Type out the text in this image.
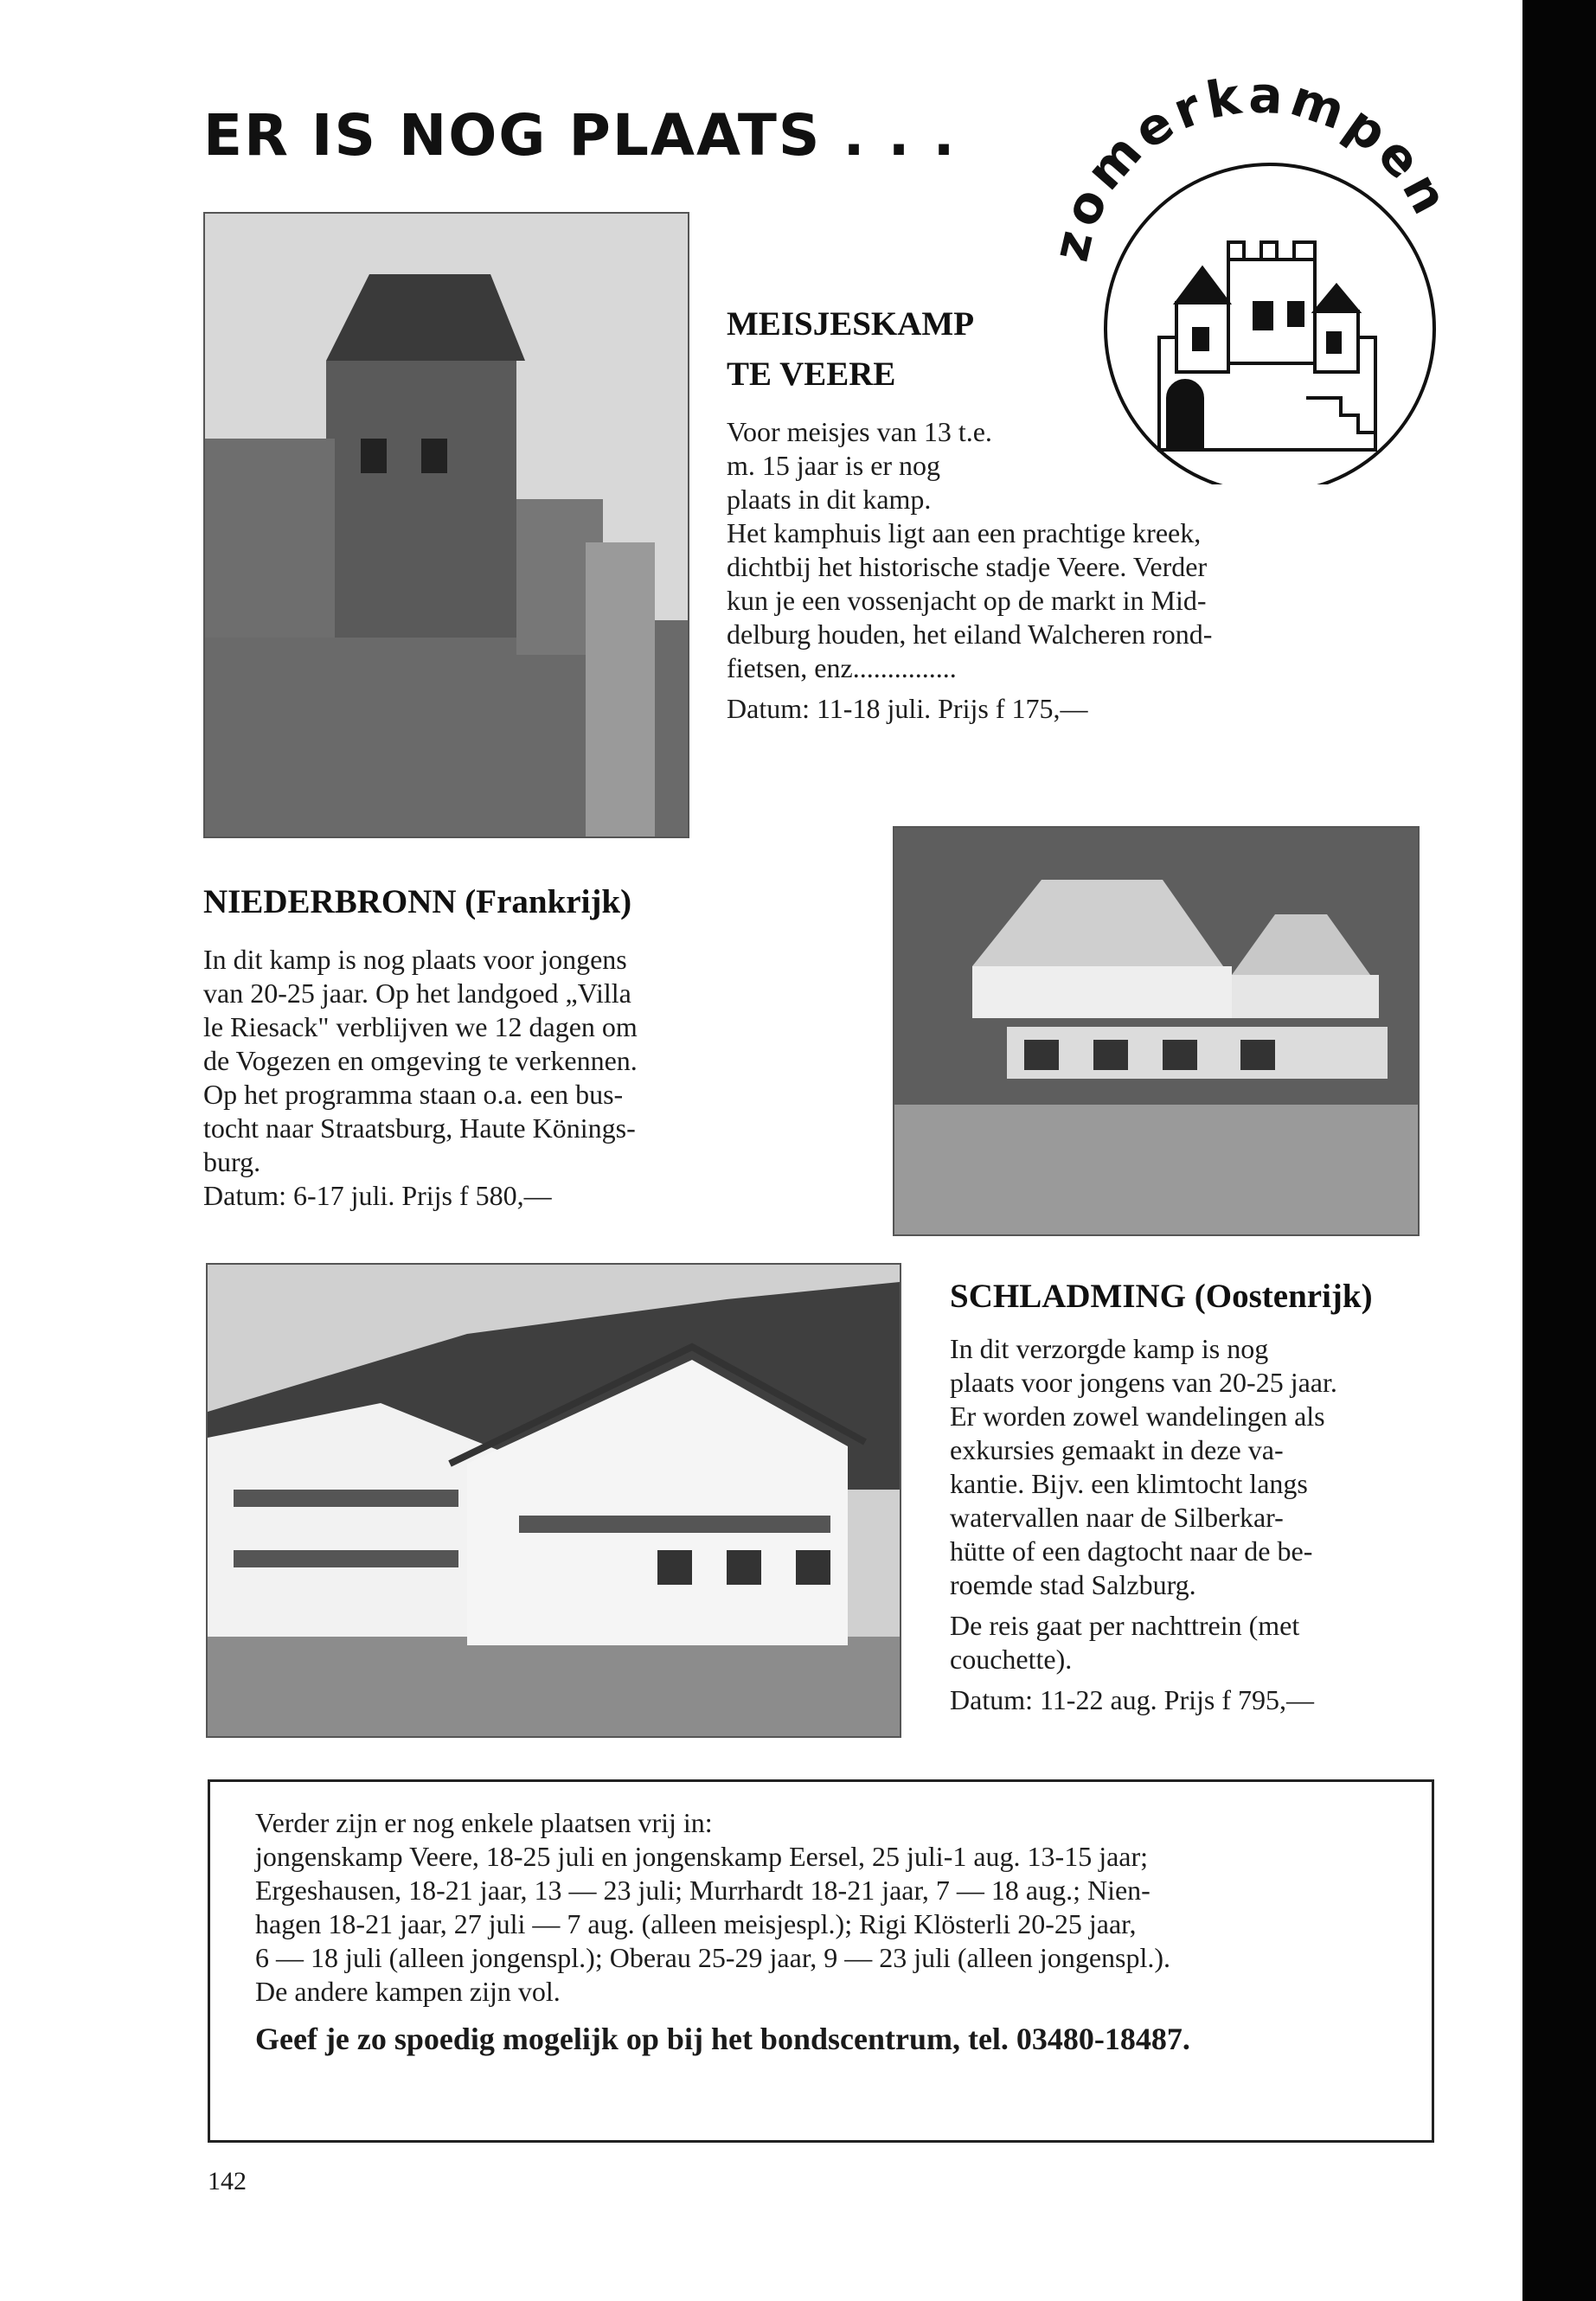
ER IS NOG PLAATS . . .
zomerkampen
MEISJESKAMP
TE VEERE

Voor meisjes van 13 t.e.

m. 15 jaar is er nog

plaats in dit kamp.

Het kamphuis ligt aan een prachtige kreek,

dichtbij het historische stadje Veere. Verder

kun je een vossenjacht op de markt in Mid-

delburg houden, het eiland Walcheren rond-

fietsen, enz...............

Datum: 11-18 juli. Prijs f 175,—

NIEDERBRONN (Frankrijk)

In dit kamp is nog plaats voor jongens

van 20-25 jaar. Op het landgoed „Villa

le Riesack" verblijven we 12 dagen om

de Vogezen en omgeving te verkennen.

Op het programma staan o.a. een bus-

tocht naar Straatsburg, Haute Könings-

burg.

Datum: 6-17 juli. Prijs f 580,—

SCHLADMING (Oostenrijk)

In dit verzorgde kamp is nog

plaats voor jongens van 20-25 jaar.

Er worden zowel wandelingen als

exkursies gemaakt in deze va-

kantie. Bijv. een klimtocht langs

watervallen naar de Silberkar-

hütte of een dagtocht naar de be-

roemde stad Salzburg.

De reis gaat per nachttrein (met

couchette).

Datum: 11-22 aug. Prijs f 795,—

Verder zijn er nog enkele plaatsen vrij in:

jongenskamp Veere, 18-25 juli en jongenskamp Eersel, 25 juli-1 aug. 13-15 jaar;

Ergeshausen, 18-21 jaar, 13 — 23 juli; Murrhardt 18-21 jaar, 7 — 18 aug.; Nien-

hagen 18-21 jaar, 27 juli — 7 aug. (alleen meisjespl.); Rigi Klösterli 20-25 jaar,

6 — 18 juli (alleen jongenspl.); Oberau 25-29 jaar, 9 — 23 juli (alleen jongenspl.).

De andere kampen zijn vol.

Geef je zo spoedig mogelijk op bij het bondscentrum, tel. 03480-18487.
142
